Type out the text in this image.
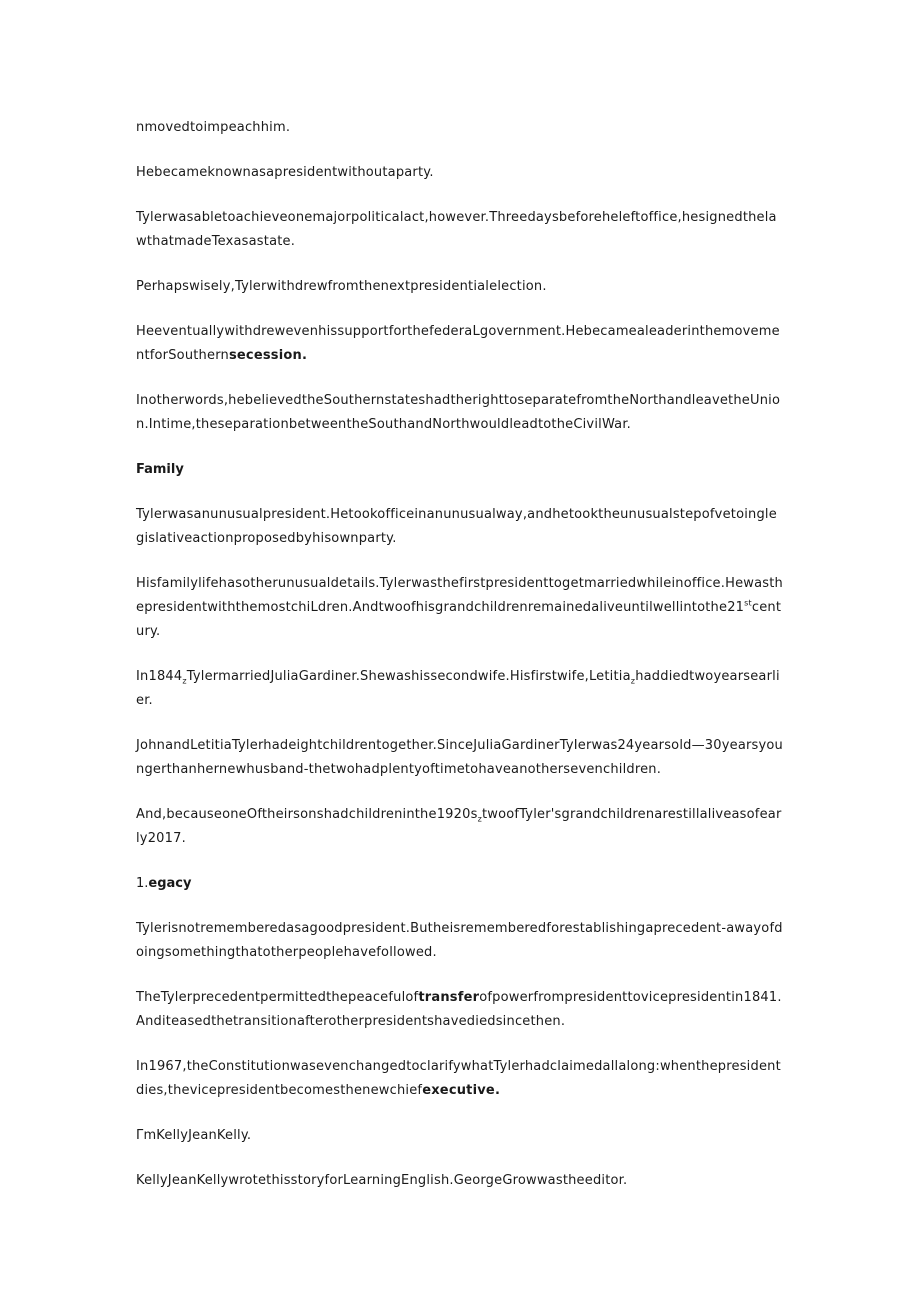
nmovedtoimpeachhim.

Hebecameknownasapresidentwithoutaparty.

Tylerwasabletoachieveonemajorpoliticalact,however.Threedaysbeforeheleftoffice,hesignedthelawthatmadeTexasastate.

Perhapswisely,Tylerwithdrewfromthenextpresidentialelection.

HeeventuallywithdrewevenhissupportforthefederaLgovernment.HebecamealeaderinthemovementforSouthernsecession.

Inotherwords,hebelievedtheSouthernstateshadtherighttoseparatefromtheNorthandleavetheUnion.Intime,theseparationbetweentheSouthandNorthwouldleadtotheCivilWar.

Family

Tylerwasanunusualpresident.Hetookofficeinanunusualway,andhetooktheunusualstepofvetoinglegislativeactionproposedbyhisownparty.

Hisfamilylifehasotherunusualdetails.Tylerwasthefirstpresidenttogetmarriedwhileinoffice.HewasthepresidentwiththemostchiLdren.Andtwoofhisgrandchildrenremainedaliveuntilwellintothe21stcentury.

$In1844_zTylermarriedJuliaGardiner.Shewashissecondwife.Hisfirstwife,Letitia_zhaddiedtwoyearsearlier$.

JohnandLetitiaTylerhadeightchildrentogether.SinceJuliaGardinerTyIerwas24yearsold—30yearsyoungerthanhernewhusband-thetwohadplentyoftimetohaveanothersevenchildren.

$And,becauseoneOftheirsonshadchildreninthe1920s_ztwoofTyler'sgrandchildrenarestillaliveasofearly2017$.

1.egacy

Tylerisnotrememberedasagoodpresident.Butheisrememberedforestablishingaprecedent-awayofdoingsomethingthatotherpeoplehavefollowed.

TheTylerprecedentpermittedthepeacefuloftransferofpowerfrompresidenttovicepresidentin1841.Anditeasedthetransitionafterotherpresidentshavediedsincethen.

In1967,theConstitutionwasevenchangedtoclarifywhatTylerhadclaimedallalong:whenthepresidentdies,thevicepresidentbecomesthenewchiefexecutive.

ΓmKellyJeanKelly.

KellyJeanKellywrotethisstoryforLearningEnglish.GeorgeGrowwastheeditor.
